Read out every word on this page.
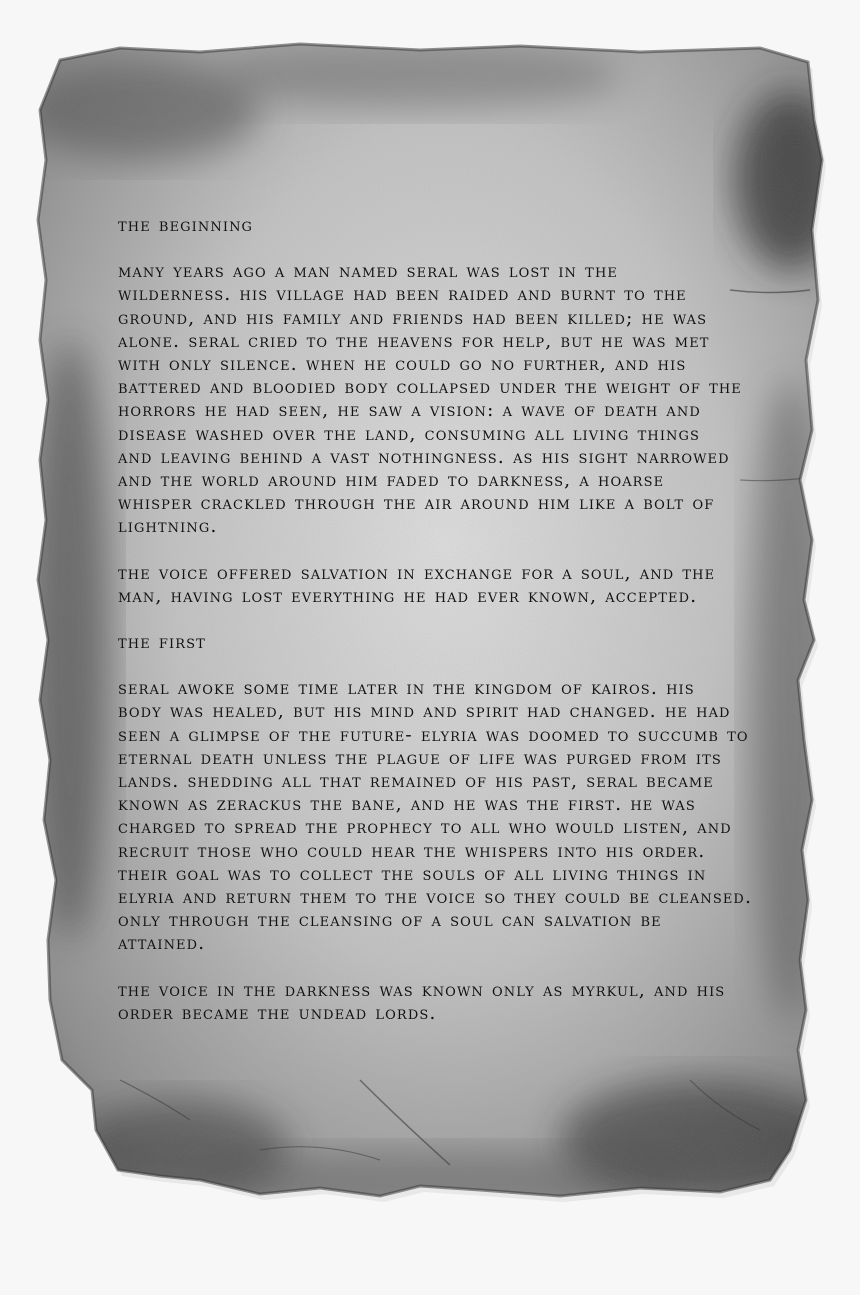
the beginning

many years ago a man named seral was lost in the
wilderness. his village had been raided and burnt to the
ground, and his family and friends had been killed; he was
alone. seral cried to the heavens for help, but he was met
with only silence. when he could go no further, and his
battered and bloodied body collapsed under the weight of the
horrors he had seen, he saw a vision: a wave of death and
disease washed over the land, consuming all living things
and leaving behind a vast nothingness. as his sight narrowed
and the world around him faded to darkness, a hoarse
whisper crackled through the air around him like a bolt of
lightning.

the voice offered salvation in exchange for a soul, and the
man, having lost everything he had ever known, accepted.

the first

seral awoke some time later in the kingdom of kairos. his
body was healed, but his mind and spirit had changed. he had
seen a glimpse of the future- elyria was doomed to succumb to
eternal death unless the plague of life was purged from its
lands. shedding all that remained of his past, seral became
known as zerackus the bane, and he was the first. he was
charged to spread the prophecy to all who would listen, and
recruit those who could hear the whispers into his order.
their goal was to collect the souls of all living things in
elyria and return them to the voice so they could be cleansed.
only through the cleansing of a soul can salvation be
attained.

the voice in the darkness was known only as myrkul, and his
order became the undead lords.
